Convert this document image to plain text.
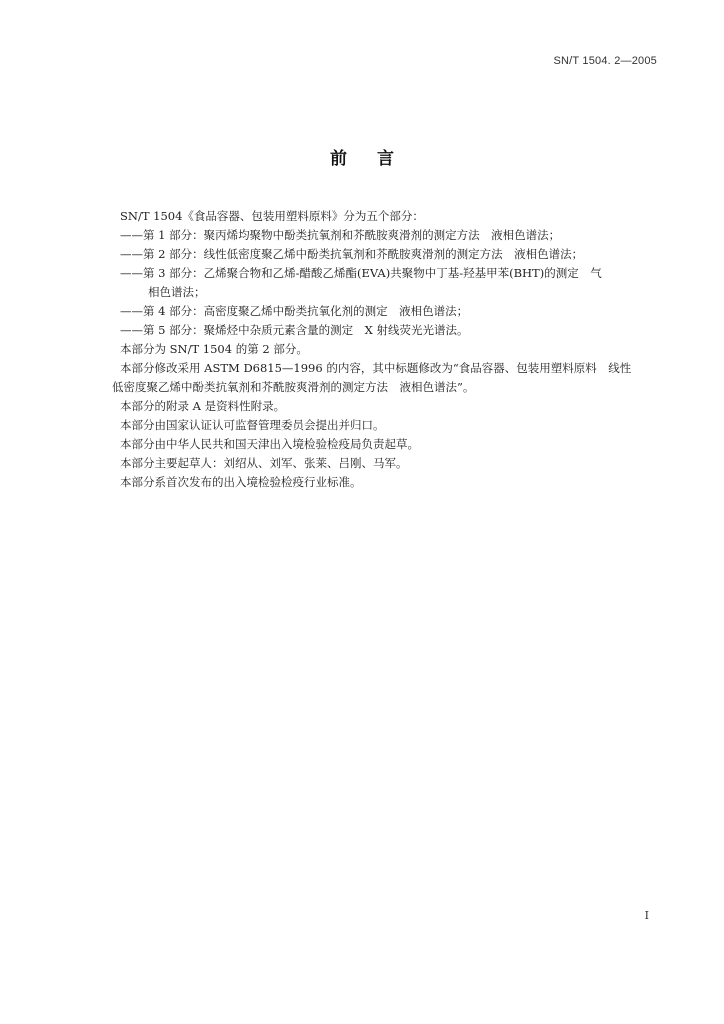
SN/T 1504. 2—2005
前言
SN/T 1504《食品容器、包装用塑料原料》分为五个部分：
——第 1 部分：聚丙烯均聚物中酚类抗氧剂和芥酰胺爽滑剂的测定方法　液相色谱法；
——第 2 部分：线性低密度聚乙烯中酚类抗氧剂和芥酰胺爽滑剂的测定方法　液相色谱法；
——第 3 部分：乙烯聚合物和乙烯-醋酸乙烯酯(EVA)共聚物中丁基-羟基甲苯(BHT)的测定　气
相色谱法；
——第 4 部分：高密度聚乙烯中酚类抗氧化剂的测定　液相色谱法；
——第 5 部分：聚烯烃中杂质元素含量的测定　X 射线荧光光谱法。
本部分为 SN/T 1504 的第 2 部分。
本部分修改采用 ASTM D6815—1996 的内容，其中标题修改为“食品容器、包装用塑料原料　线性
低密度聚乙烯中酚类抗氧剂和芥酰胺爽滑剂的测定方法　液相色谱法”。
本部分的附录 A 是资料性附录。
本部分由国家认证认可监督管理委员会提出并归口。
本部分由中华人民共和国天津出入境检验检疫局负责起草。
本部分主要起草人：刘绍从、刘军、张莱、吕刚、马军。
本部分系首次发布的出入境检验检疫行业标准。
I
